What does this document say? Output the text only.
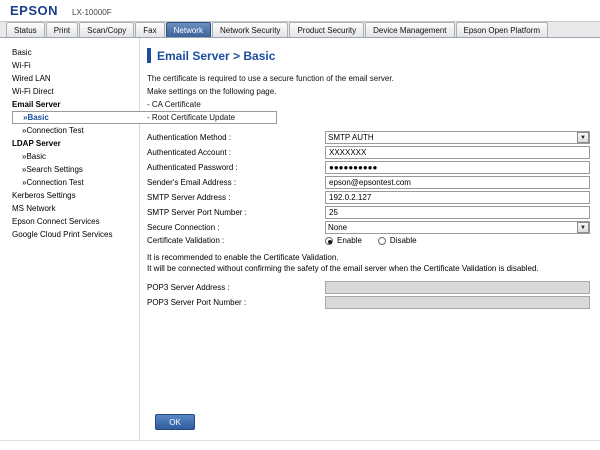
EPSON LX-10000F
Status	Print	Scan/Copy	Fax	Network	Network Security	Product Security	Device Management	Epson Open Platform
Basic
Wi-Fi
Wired LAN
Wi-Fi Direct
Email Server
»Basic
»Connection Test
LDAP Server
»Basic
»Search Settings
»Connection Test
Kerberos Settings
MS Network
Epson Connect Services
Google Cloud Print Services
Email Server > Basic
The certificate is required to use a secure function of the email server.
Make settings on the following page.
- CA Certificate
- Root Certificate Update
Authentication Method :	SMTP AUTH▼

Authenticated Account :	XXXXXXX
Authenticated Password :	●●●●●●●●●●
Sender's Email Address :	epson@epsontest.com
SMTP Server Address :	192.0.2.127
SMTP Server Port Number :	25
Secure Connection :	None▼

Certificate Validation :	Enable Disable
It is recommended to enable the Certificate Validation.
It will be connected without confirming the safety of the email server when the Certificate Validation is disabled.
POP3 Server Address :	
POP3 Server Port Number :	
OK
